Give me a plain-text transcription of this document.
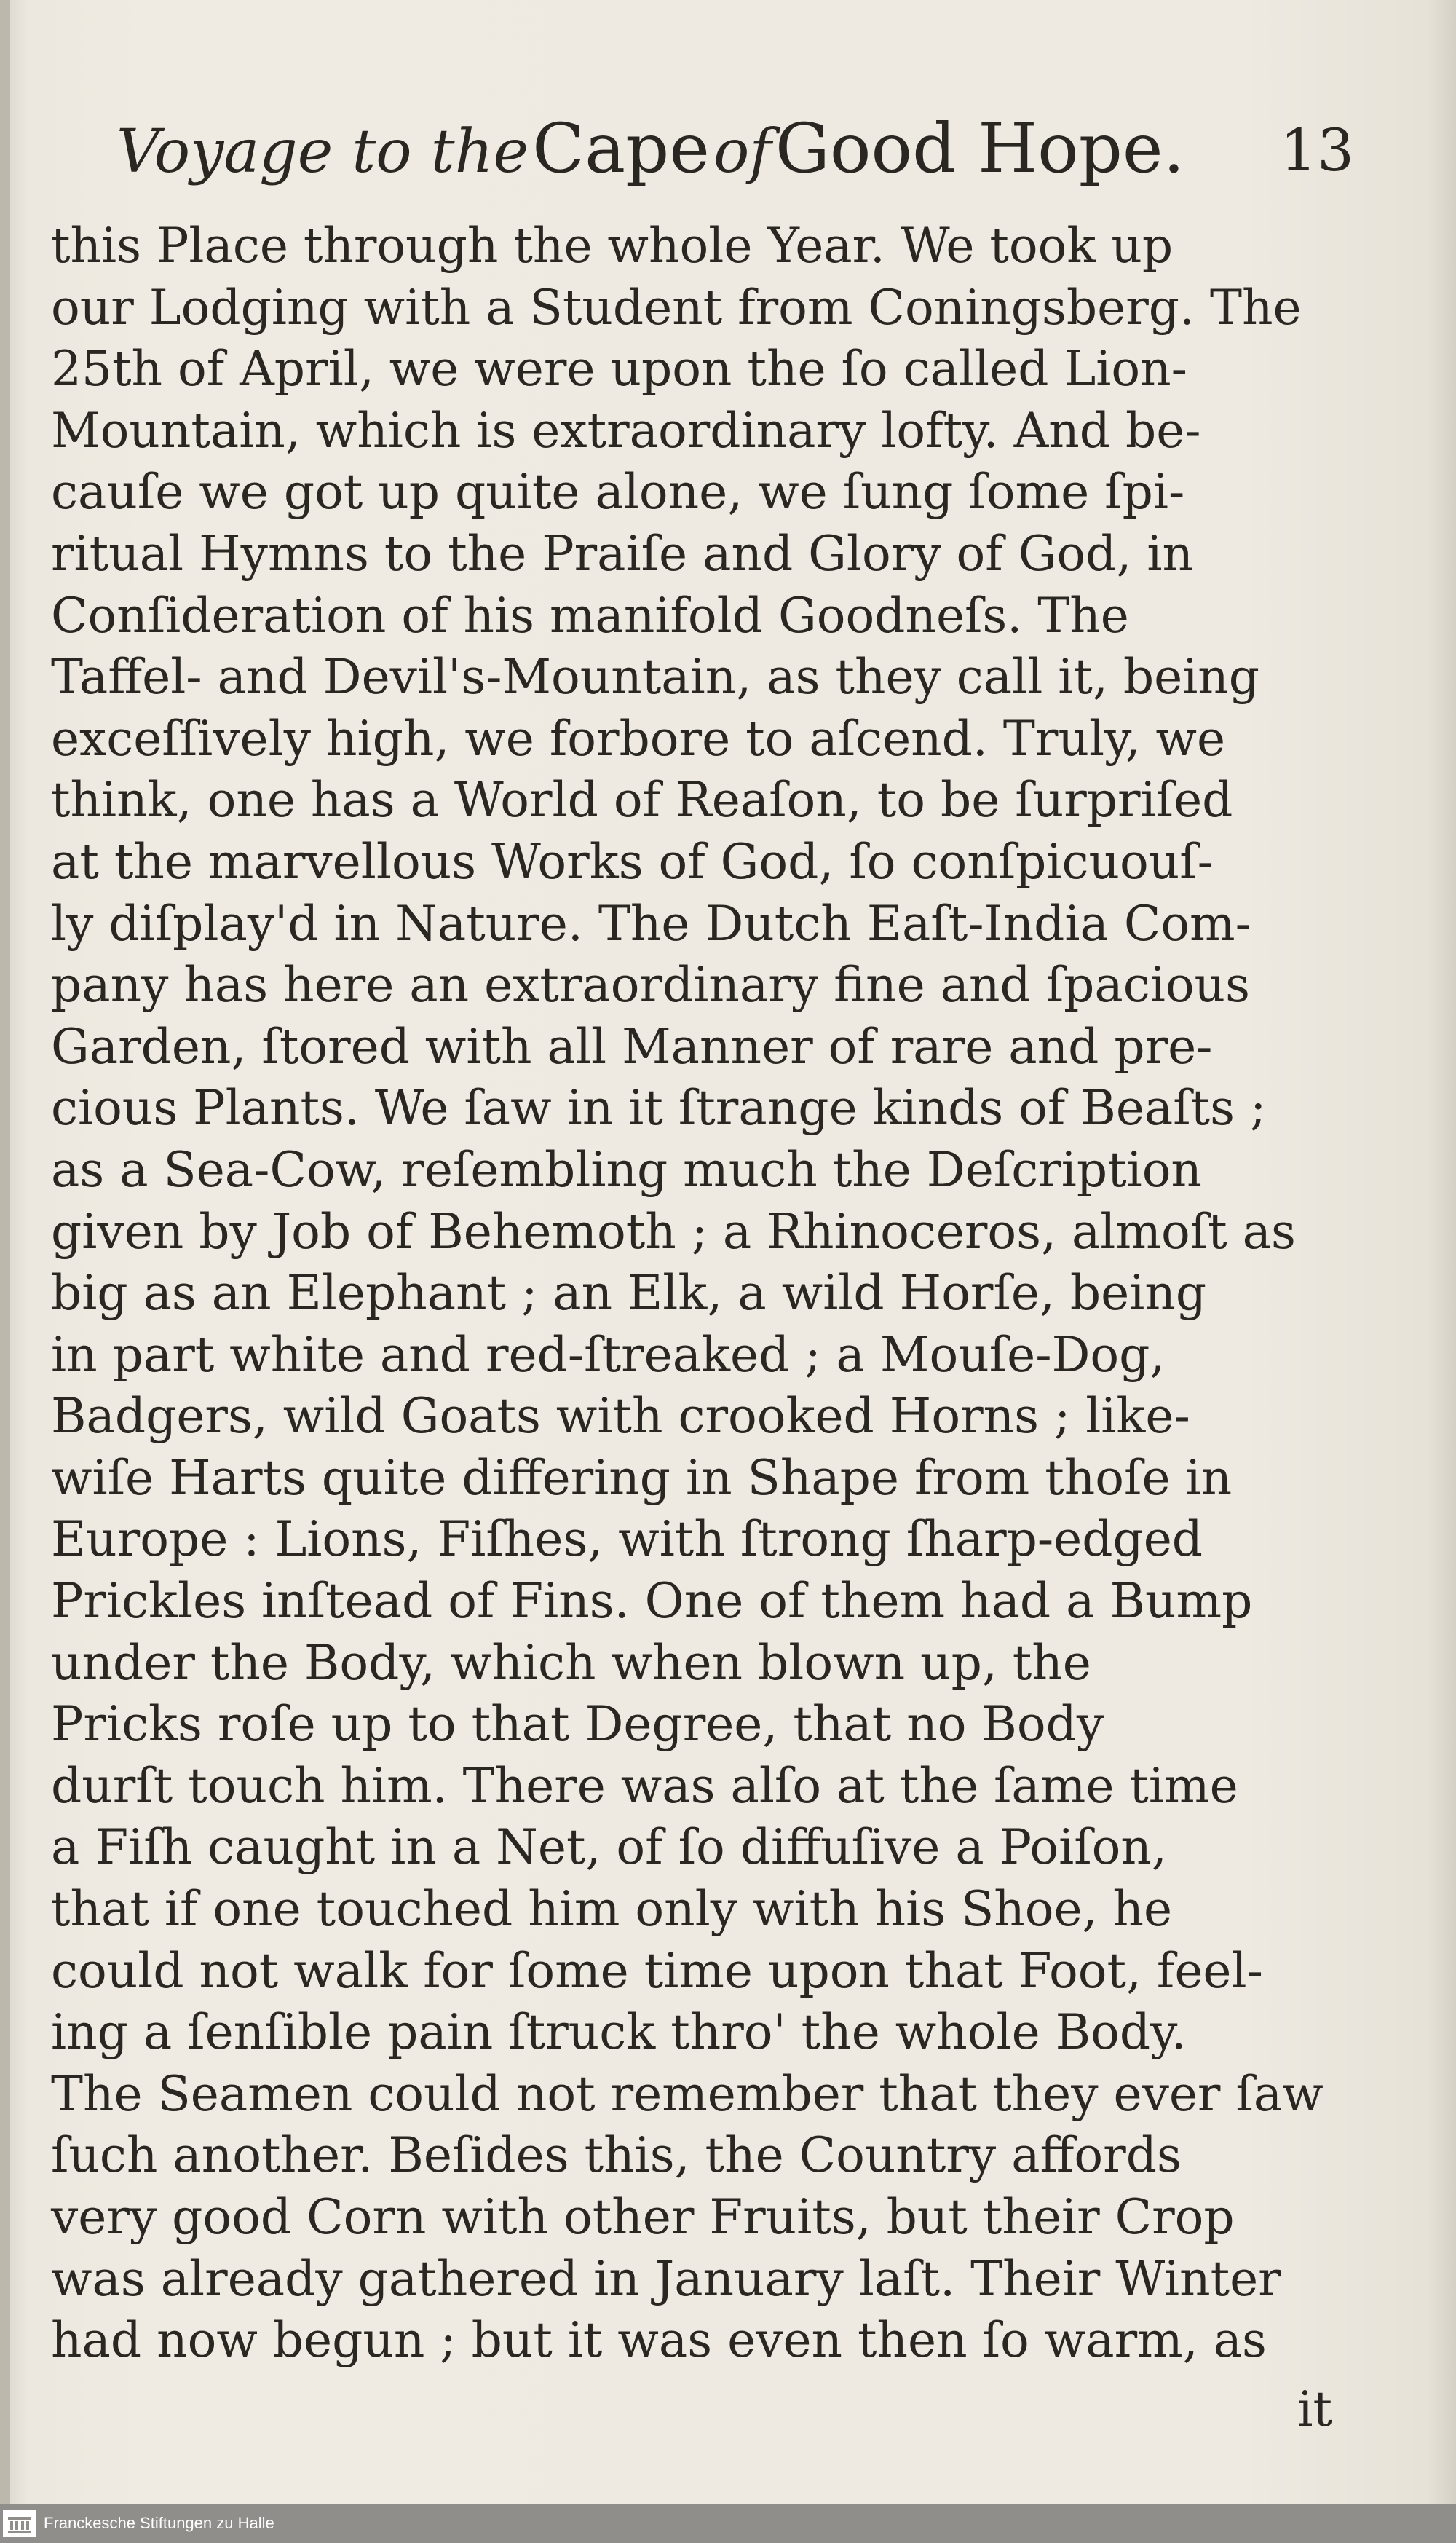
Voyage to the Cape of Good Hope. 13
this Place through the whole Year. We took up
our Lodging with a Student from Coningsberg. The
25th of April, we were upon the ſo called Lion-
Mountain, which is extraordinary lofty. And be-
cauſe we got up quite alone, we ſung ſome ſpi-
ritual Hymns to the Praiſe and Glory of God, in
Conſideration of his manifold Goodneſs. The
Taffel- and Devil's-Mountain, as they call it, being
exceſſively high, we forbore to aſcend. Truly, we
think, one has a World of Reaſon, to be ſurpriſed
at the marvellous Works of God, ſo conſpicuouſ-
ly diſplay'd in Nature. The Dutch Eaſt-India Com-
pany has here an extraordinary fine and ſpacious
Garden, ſtored with all Manner of rare and pre-
cious Plants. We ſaw in it ſtrange kinds of Beaſts ;
as a Sea-Cow, reſembling much the Deſcription
given by Job of Behemoth ; a Rhinoceros, almoſt as
big as an Elephant ; an Elk, a wild Horſe, being
in part white and red-ſtreaked ; a Mouſe-Dog,
Badgers, wild Goats with crooked Horns ; like-
wiſe Harts quite differing in Shape from thoſe in
Europe : Lions, Fiſhes, with ſtrong ſharp-edged
Prickles inſtead of Fins. One of them had a Bump
under the Body, which when blown up, the
Pricks roſe up to that Degree, that no Body
durſt touch him. There was alſo at the ſame time
a Fiſh caught in a Net, of ſo diffuſive a Poiſon,
that if one touched him only with his Shoe, he
could not walk for ſome time upon that Foot, feel-
ing a ſenſible pain ſtruck thro' the whole Body.
The Seamen could not remember that they ever ſaw
ſuch another. Beſides this, the Country affords
very good Corn with other Fruits, but their Crop
was already gathered in January laſt. Their Winter
had now begun ; but it was even then ſo warm, as
it
Franckesche Stiftungen zu Halle
